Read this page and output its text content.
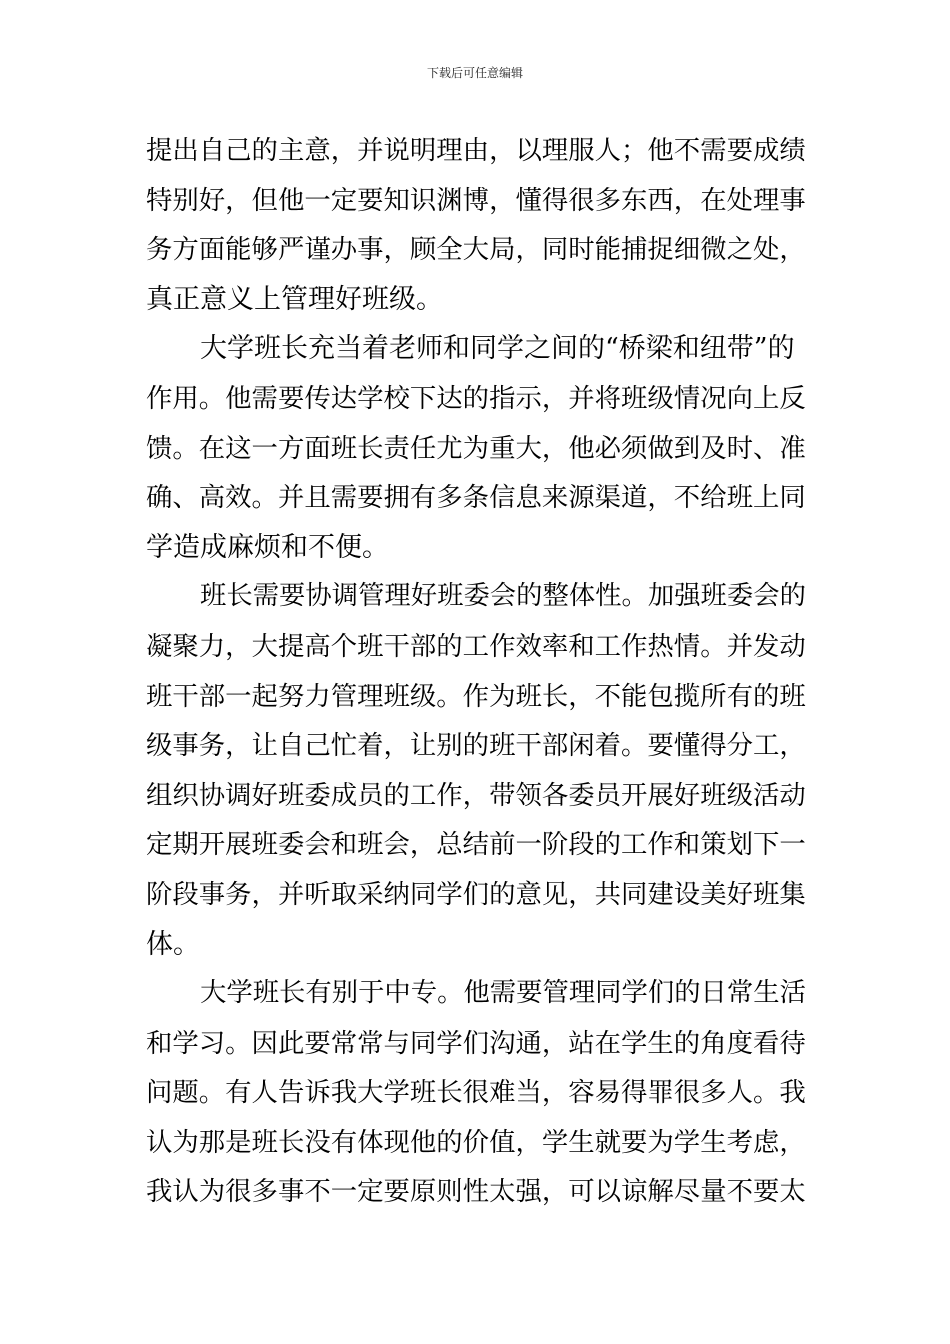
下载后可任意编辑
提出自己的主意，并说明理由，以理服人；他不需要成绩
特别好，但他一定要知识渊博，懂得很多东西，在处理事
务方面能够严谨办事，顾全大局，同时能捕捉细微之处，
真正意义上管理好班级。
大学班长充当着老师和同学之间的“桥梁和纽带”的
作用。他需要传达学校下达的指示，并将班级情况向上反
馈。在这一方面班长责任尤为重大，他必须做到及时、准
确、高效。并且需要拥有多条信息来源渠道，不给班上同
学造成麻烦和不便。
班长需要协调管理好班委会的整体性。加强班委会的
凝聚力，大提高个班干部的工作效率和工作热情。并发动
班干部一起努力管理班级。作为班长，不能包揽所有的班
级事务，让自己忙着，让别的班干部闲着。要懂得分工，
组织协调好班委成员的工作，带领各委员开展好班级活动
定期开展班委会和班会，总结前一阶段的工作和策划下一
阶段事务，并听取采纳同学们的意见，共同建设美好班集
体。
大学班长有别于中专。他需要管理同学们的日常生活
和学习。因此要常常与同学们沟通，站在学生的角度看待
问题。有人告诉我大学班长很难当，容易得罪很多人。我
认为那是班长没有体现他的价值，学生就要为学生考虑，
我认为很多事不一定要原则性太强，可以谅解尽量不要太
